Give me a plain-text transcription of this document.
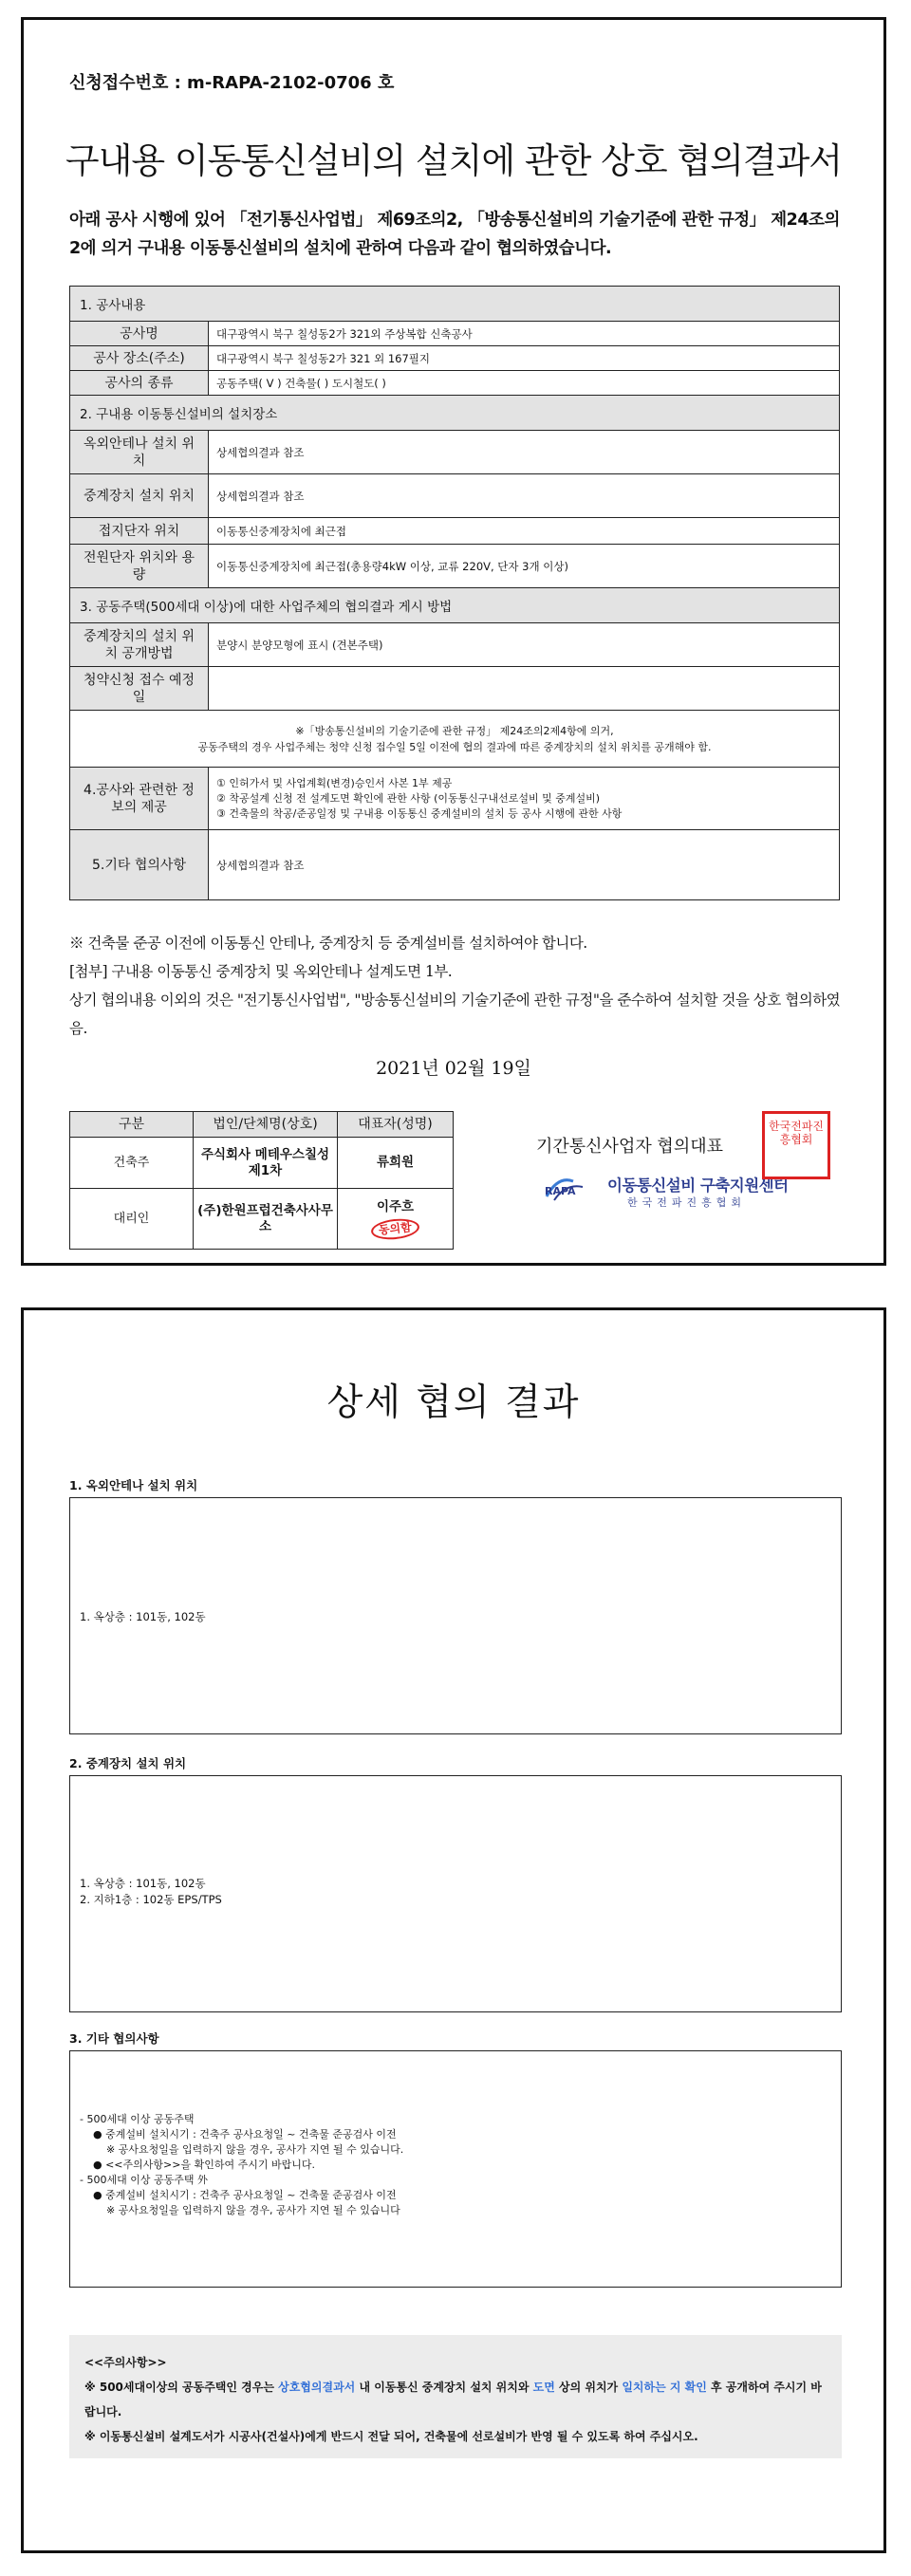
신청접수번호 : m-RAPA-2102-0706 호
구내용 이동통신설비의 설치에 관한 상호 협의결과서
아래 공사 시행에 있어 「전기통신사업법」 제69조의2, 「방송통신설비의 기술기준에 관한 규정」 제24조의2에 의거 구내용 이동통신설비의 설치에 관하여 다음과 같이 협의하였습니다.
1. 공사내용	
공사명	대구광역시 북구 칠성동2가 321외 주상복합 신축공사
공사 장소(주소)	대구광역시 북구 칠성동2가 321 외 167필지
공사의 종류	공동주택( V ) 건축물( ) 도시철도( )
2. 구내용 이동통신설비의 설치장소	
옥외안테나 설치 위치	상세협의결과 참조
중계장치 설치 위치	상세협의결과 참조
접지단자 위치	이동통신중계장치에 최근접
전원단자 위치와 용량	이동통신중계장치에 최근접(총용량4kW 이상, 교류 220V, 단자 3개 이상)
3. 공동주택(500세대 이상)에 대한 사업주체의 협의결과 게시 방법	
중계장치의 설치 위치 공개방법	분양시 분양모형에 표시 (견본주택)
청약신청 접수 예정일	

※「방송통신설비의 기술기준에 관한 규정」 제24조의2제4항에 의거,
공동주택의 경우 사업주체는 청약 신청 접수일 5일 이전에 협의 결과에 따른 중계장치의 설치 위치를 공개해야 함.	

4.공사와 관련한 정보의 제공	① 인허가서 및 사업계획(변경)승인서 사본 1부 제공
② 착공설계 신청 전 설계도면 확인에 관한 사항 (이동통신구내선로설비 및 중계설비)
③ 건축물의 착공/준공일정 및 구내용 이동통신 중계설비의 설치 등 공사 시행에 관한 사항

5.기타 협의사항	상세협의결과 참조
※ 건축물 준공 이전에 이동통신 안테나, 중계장치 등 중계설비를 설치하여야 합니다.
[첨부] 구내용 이동통신 중계장치 및 옥외안테나 설계도면 1부.
상기 협의내용 이외의 것은 "전기통신사업법", "방송통신설비의 기술기준에 관한 규정"을 준수하여 설치할 것을 상호 협의하였음.
2021년 02월 19일
구분	법인/단체명(상호)	대표자(성명)
건축주	주식회사 메테우스칠성제1차	류희원
대리인	(주)한원프럽건축사사무소	이주흐
동의함
기간통신사업자 협의대표
RAPA 이동통신설비 구축지원센터
한국전파진흥협회
한국전파진흥협회
상세 협의 결과
1. 옥외안테나 설치 위치
1. 옥상층 : 101동, 102동
2. 중계장치 설치 위치
1. 옥상층 : 101동, 102동
2. 지하1층 : 102동 EPS/TPS
3. 기타 협의사항
- 500세대 이상 공동주택
● 중계설비 설치시기 : 건축주 공사요청일 ~ 건축물 준공검사 이전
※ 공사요청일을 입력하지 않을 경우, 공사가 지연 될 수 있습니다.
● <<주의사항>>을 확인하여 주시기 바랍니다.
- 500세대 이상 공동주택 外
● 중계설비 설치시기 : 건축주 공사요청일 ~ 건축물 준공검사 이전
※ 공사요청일을 입력하지 않을 경우, 공사가 지연 될 수 있습니다
<<주의사항>>
※ 500세대이상의 공동주택인 경우는 상호협의결과서 내 이동통신 중계장치 설치 위치와 도면 상의 위치가 일치하는 지 확인 후 공개하여 주시기 바랍니다.
※ 이동통신설비 설계도서가 시공사(건설사)에게 반드시 전달 되어, 건축물에 선로설비가 반영 될 수 있도록 하여 주십시오.
